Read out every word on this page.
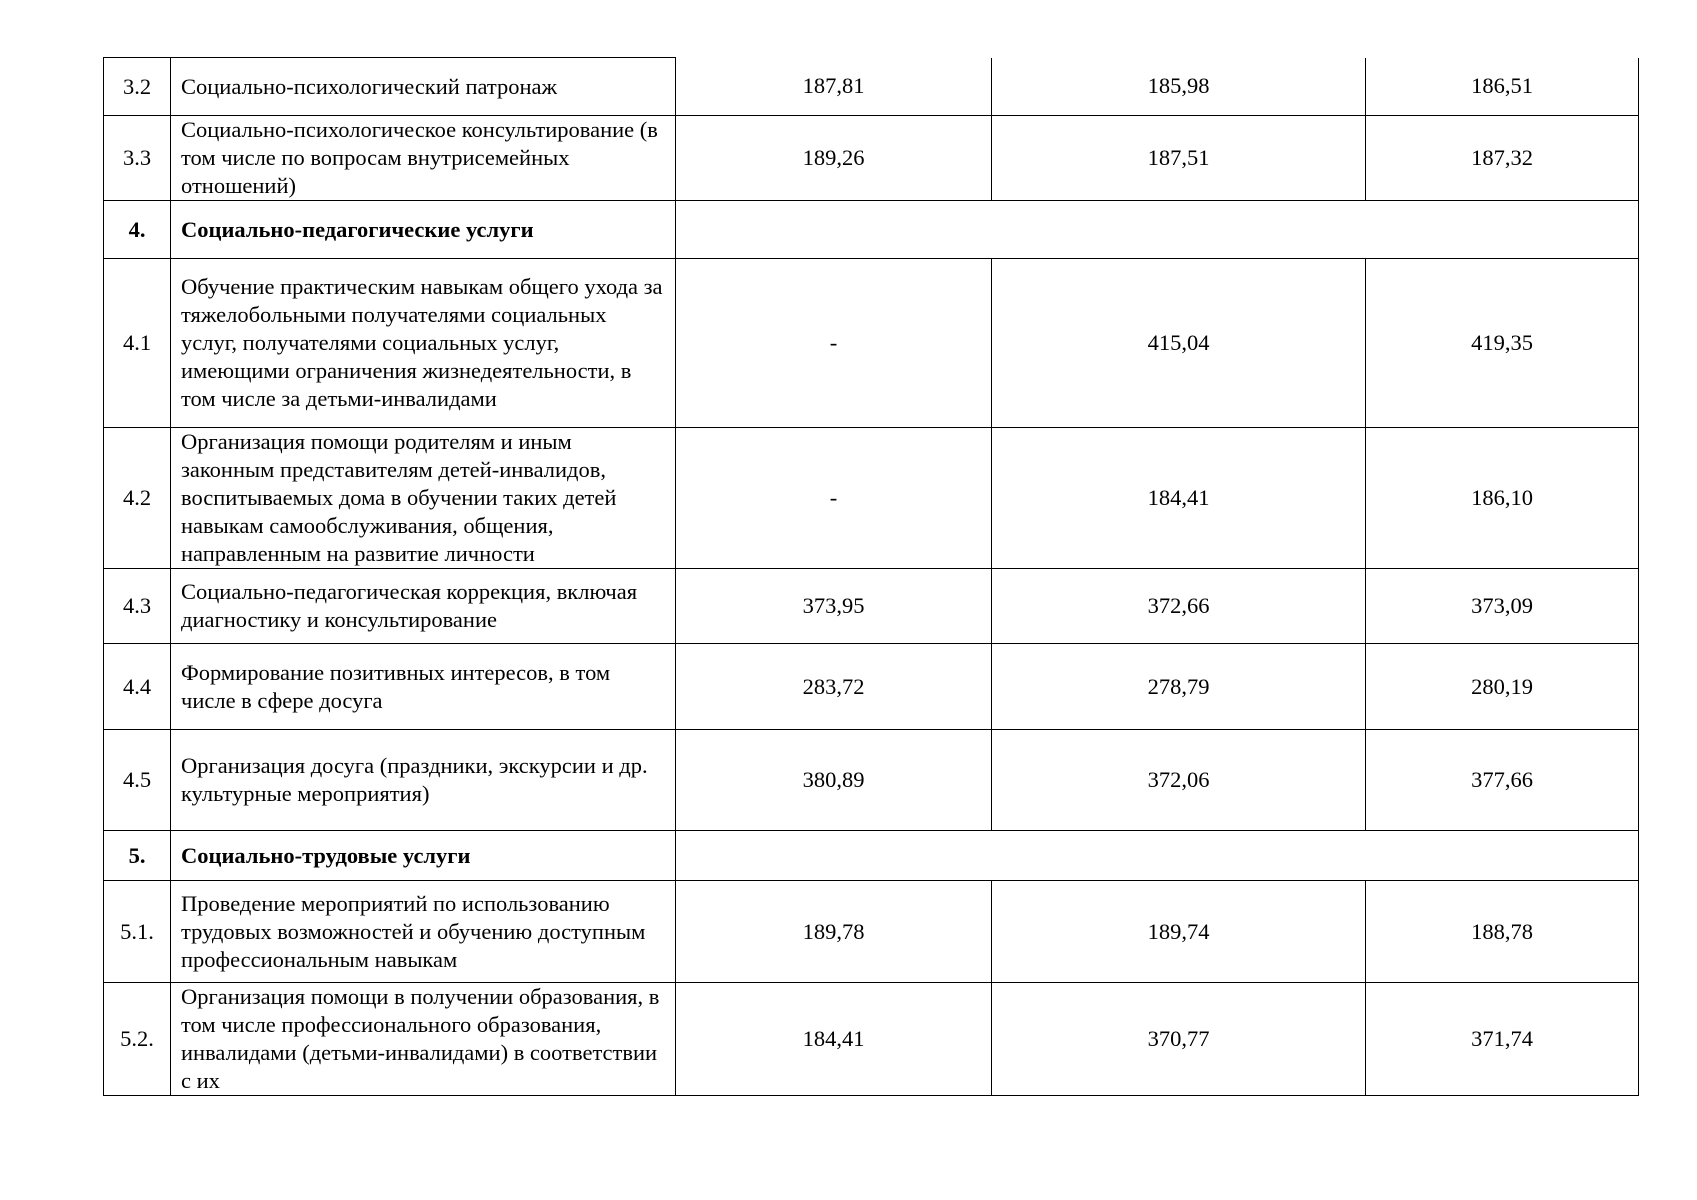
3.2	Социально-психологический патронаж	187,81	185,98	186,51
3.3	Социально-психологическое консультирование (в том числе по вопросам внутрисемейных отношений)	189,26	187,51	187,32
4.	Социально-педагогические услуги			
4.1	Обучение практическим навыкам общего ухода за тяжелобольными получателями социальных услуг, получателями социальных услуг, имеющими ограничения жизнедеятельности, в том числе за детьми-инвалидами	-	415,04	419,35
4.2	Организация помощи родителям и иным законным представителям детей-инвалидов, воспитываемых дома в обучении таких детей навыкам самообслуживания, общения, направленным на развитие личности	-	184,41	186,10
4.3	Социально-педагогическая коррекция, включая диагностику и консультирование	373,95	372,66	373,09
4.4	Формирование позитивных интересов, в том числе в сфере досуга	283,72	278,79	280,19
4.5	Организация досуга (праздники, экскурсии и др. культурные мероприятия)	380,89	372,06	377,66
5.	Социально-трудовые услуги			
5.1.	Проведение мероприятий по использованию трудовых возможностей и обучению доступным профессиональным навыкам	189,78	189,74	188,78
5.2.	Организация помощи в получении образования, в том числе профессионального образования, инвалидами (детьми-инвалидами) в соответствии с их	184,41	370,77	371,74
